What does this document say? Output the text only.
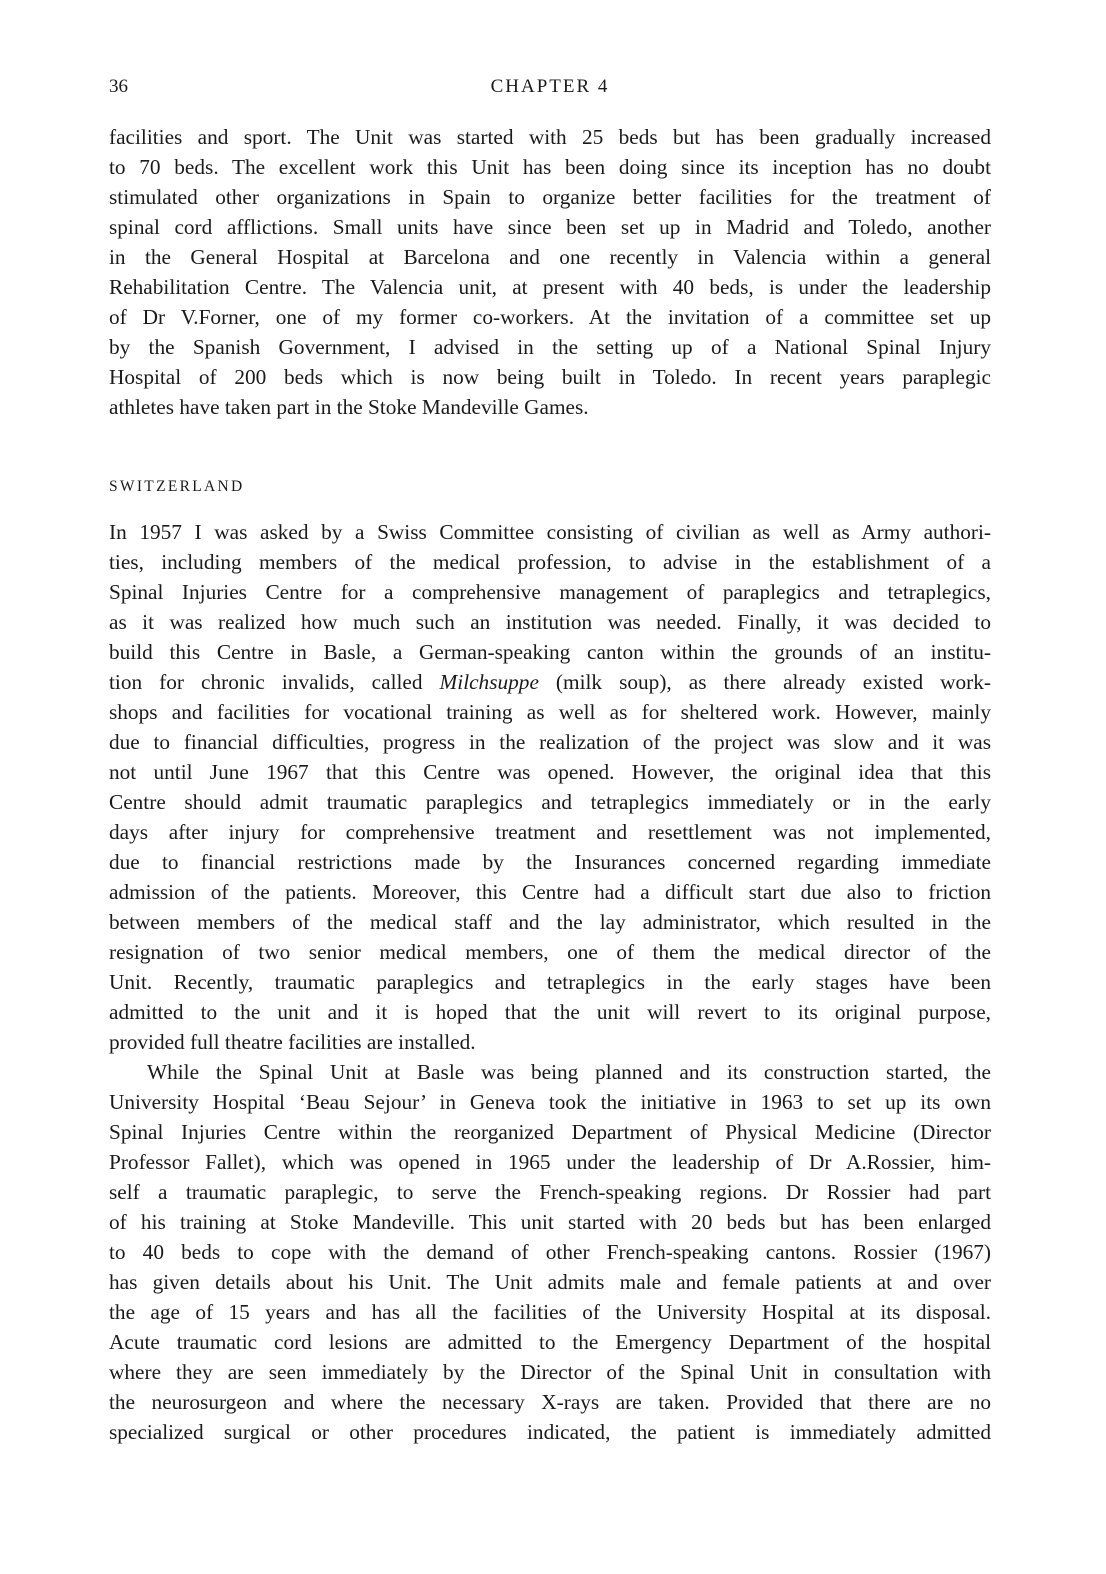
36	CHAPTER 4
facilities and sport. The Unit was started with 25 beds but has been gradually increased
to 70 beds. The excellent work this Unit has been doing since its inception has no doubt
stimulated other organizations in Spain to organize better facilities for the treatment of
spinal cord afflictions. Small units have since been set up in Madrid and Toledo, another
in the General Hospital at Barcelona and one recently in Valencia within a general
Rehabilitation Centre. The Valencia unit, at present with 40 beds, is under the leadership
of Dr V.Forner, one of my former co-workers. At the invitation of a committee set up
by the Spanish Government, I advised in the setting up of a National Spinal Injury
Hospital of 200 beds which is now being built in Toledo. In recent years paraplegic
athletes have taken part in the Stoke Mandeville Games.
SWITZERLAND
In 1957 I was asked by a Swiss Committee consisting of civilian as well as Army authori-
ties, including members of the medical profession, to advise in the establishment of a
Spinal Injuries Centre for a comprehensive management of paraplegics and tetraplegics,
as it was realized how much such an institution was needed. Finally, it was decided to
build this Centre in Basle, a German-speaking canton within the grounds of an institu-
tion for chronic invalids, called Milchsuppe (milk soup), as there already existed work-
shops and facilities for vocational training as well as for sheltered work. However, mainly
due to financial difficulties, progress in the realization of the project was slow and it was
not until June 1967 that this Centre was opened. However, the original idea that this
Centre should admit traumatic paraplegics and tetraplegics immediately or in the early
days after injury for comprehensive treatment and resettlement was not implemented,
due to financial restrictions made by the Insurances concerned regarding immediate
admission of the patients. Moreover, this Centre had a difficult start due also to friction
between members of the medical staff and the lay administrator, which resulted in the
resignation of two senior medical members, one of them the medical director of the
Unit. Recently, traumatic paraplegics and tetraplegics in the early stages have been
admitted to the unit and it is hoped that the unit will revert to its original purpose,
provided full theatre facilities are installed.
While the Spinal Unit at Basle was being planned and its construction started, the
University Hospital ‘Beau Sejour’ in Geneva took the initiative in 1963 to set up its own
Spinal Injuries Centre within the reorganized Department of Physical Medicine (Director
Professor Fallet), which was opened in 1965 under the leadership of Dr A.Rossier, him-
self a traumatic paraplegic, to serve the French-speaking regions. Dr Rossier had part
of his training at Stoke Mandeville. This unit started with 20 beds but has been enlarged
to 40 beds to cope with the demand of other French-speaking cantons. Rossier (1967)
has given details about his Unit. The Unit admits male and female patients at and over
the age of 15 years and has all the facilities of the University Hospital at its disposal.
Acute traumatic cord lesions are admitted to the Emergency Department of the hospital
where they are seen immediately by the Director of the Spinal Unit in consultation with
the neurosurgeon and where the necessary X-rays are taken. Provided that there are no
specialized surgical or other procedures indicated, the patient is immediately admitted
